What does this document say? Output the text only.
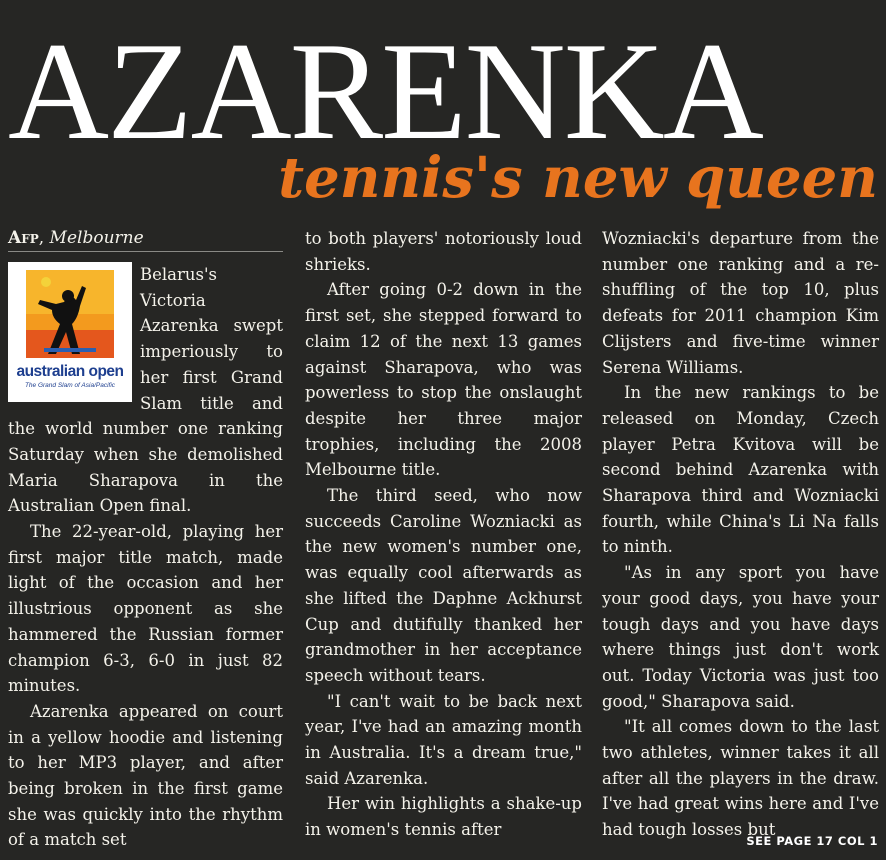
AZARENKA
tennis's new queen
Afp, Melbourne
australian open
The Grand Slam of Asia/Pacific

Belarus's Victoria Azarenka swept imperiously to her first Grand Slam title and the world number one ranking Saturday when she demolished Maria Sharapova in the Australian Open final.

The 22-year-old, playing her first major title match, made light of the occasion and her illustrious opponent as she hammered the Russian former champion 6-3, 6-0 in just 82 minutes.

Azarenka appeared on court in a yellow hoodie and listening to her MP3 player, and after being broken in the first game she was quickly into the rhythm of a match set

to both players' notoriously loud shrieks.

After going 0-2 down in the first set, she stepped forward to claim 12 of the next 13 games against Sharapova, who was powerless to stop the onslaught despite her three major trophies, including the 2008 Melbourne title.

The third seed, who now succeeds Caroline Wozniacki as the new women's number one, was equally cool afterwards as she lifted the Daphne Ackhurst Cup and dutifully thanked her grandmother in her acceptance speech without tears.

"I can't wait to be back next year, I've had an amazing month in Australia. It's a dream true," said Azarenka.

Her win highlights a shake-up in women's tennis after

Wozniacki's departure from the number one ranking and a re-shuffling of the top 10, plus defeats for 2011 champion Kim Clijsters and five-time winner Serena Williams.

In the new rankings to be released on Monday, Czech player Petra Kvitova will be second behind Azarenka with Sharapova third and Wozniacki fourth, while China's Li Na falls to ninth.

"As in any sport you have your good days, you have your tough days and you have days where things just don't work out. Today Victoria was just too good," Sharapova said.

"It all comes down to the last two athletes, winner takes it all after all the players in the draw. I've had great wins here and I've had tough losses but

SEE PAGE 17 COL 1
